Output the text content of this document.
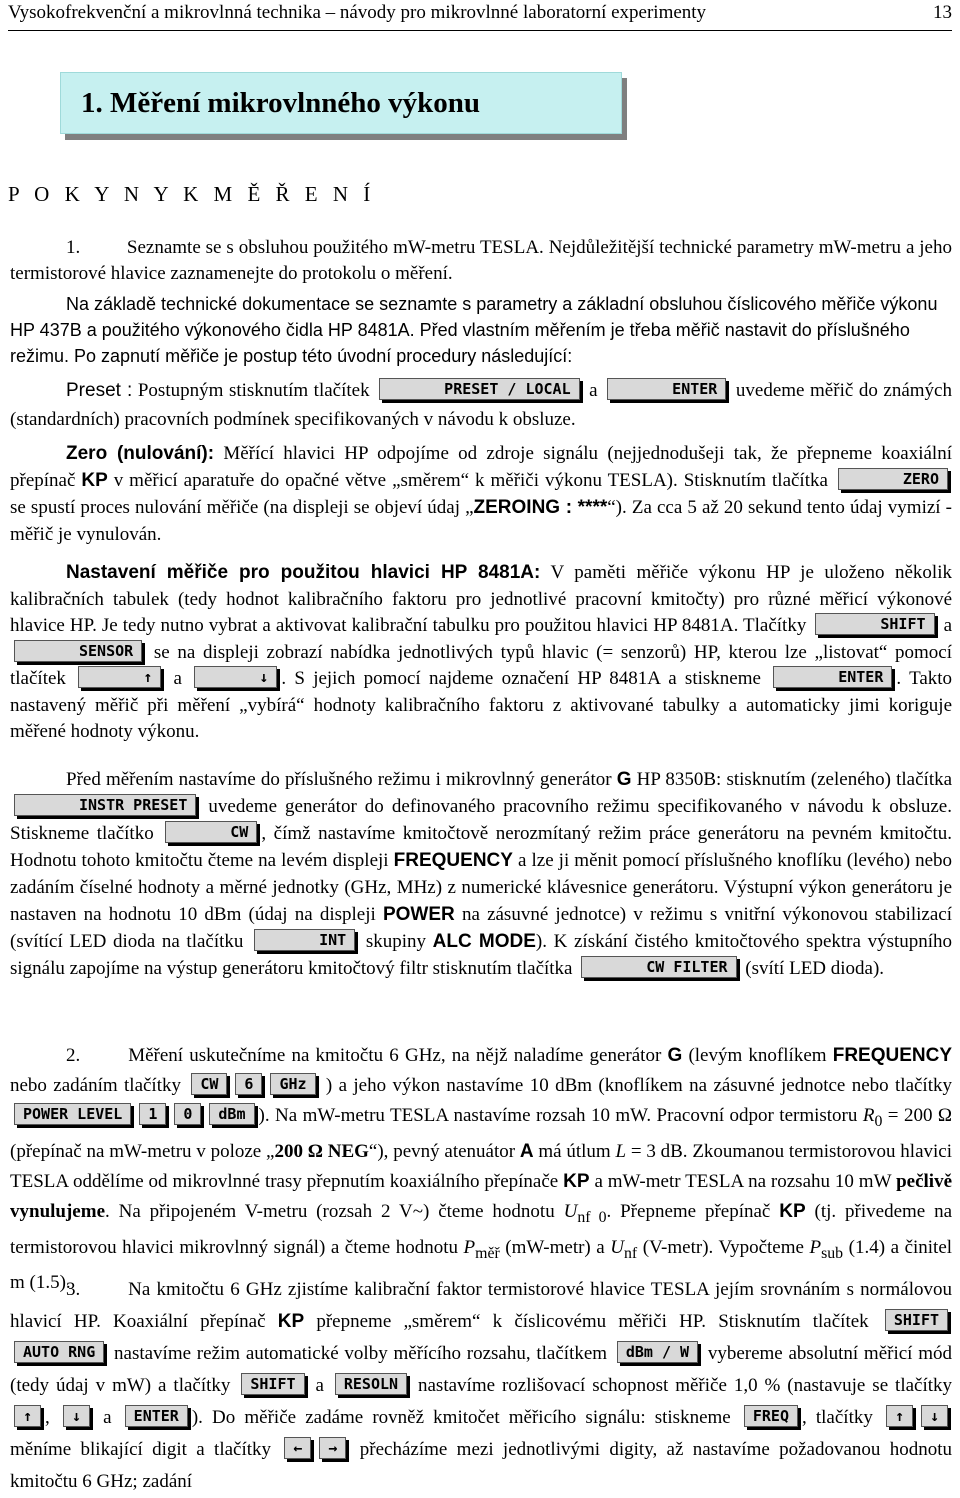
Vysokofrekvenční a mikrovlnná technika – návody pro mikrovlnné laboratorní experimenty	13
1. Měření mikrovlnného výkonu
P O K Y N Y K M Ě Ř E N Í
1. Seznamte se s obsluhou použitého mW-metru TESLA. Nejdůležitější technické parametry mW-metru a jeho termistorové hlavice zaznamenejte do protokolu o měření.
Na základě technické dokumentace se seznamte s parametry a základní obsluhou číslicového měřiče výkonu HP 437B a použitého výkonového čidla HP 8481A. Před vlastním měřením je třeba měřič nastavit do příslušného režimu. Po zapnutí měřiče je postup této úvodní procedury následující:
Preset : Postupným stisknutím tlačítek	PRESET / LOCAL a	ENTER uvedeme měřič do známých (standardních) pracovních podmínek specifikovaných v návodu k obsluze.
Zero (nulování): Měřící hlavici HP odpojíme od zdroje signálu (nejjednodušeji tak, že přepneme koaxiální přepínač KP v měřicí aparatuře do opačné větve „směrem“ k měřiči výkonu TESLA). Stisknutím tlačítka	ZERO se spustí proces nulování měřiče (na displeji se objeví údaj „ZEROING : ****“). Za cca 5 až 20 sekund tento údaj vymizí - měřič je vynulován.
Nastavení měřiče pro použitou hlavici HP 8481A: V paměti měřiče výkonu HP je uloženo několik kalibračních tabulek (tedy hodnot kalibračního faktoru pro jednotlivé pracovní kmitočty) pro různé měřicí výkonové hlavice HP. Je tedy nutno vybrat a aktivovat kalibrační tabulku pro použitou hlavici HP 8481A. Tlačítky	SHIFT a SENSOR se na displeji zobrazí nabídka jednotlivých typů hlavic (= senzorů) HP, kterou lze „listovat“ pomocí tlačítek	↑ a	↓ . S jejich pomocí najdeme označení HP 8481A a stiskneme	ENTER . Takto nastavený měřič při měření „vybírá“ hodnoty kalibračního faktoru z aktivované tabulky a automaticky jimi koriguje měřené hodnoty výkonu.
Před měřením nastavíme do příslušného režimu i mikrovlnný generátor G HP 8350B: stisknutím (zeleného) tlačítka INSTR PRESET uvedeme generátor do definovaného pracovního režimu specifikovaného v návodu k obsluze. Stiskneme tlačítko	CW , čímž nastavíme kmitočtově nerozmítaný režim práce generátoru na pevném kmitočtu. Hodnotu tohoto kmitočtu čteme na levém displeji FREQUENCY a lze ji měnit pomocí příslušného knoflíku (levého) nebo zadáním číselné hodnoty a měrné jednotky (GHz, MHz) z numerické klávesnice generátoru. Výstupní výkon generátoru je nastaven na hodnotu 10 dBm (údaj na displeji POWER na zásuvné jednotce) v režimu s vnitřní výkonovou stabilizací (svítící LED dioda na tlačítku	INT skupiny ALC MODE). K získání čistého kmitočtového spektra výstupního signálu zapojíme na výstup generátoru kmitočtový filtr stisknutím tlačítka	CW FILTER (svítí LED dioda).
2.	Měření uskutečníme na kmitočtu 6 GHz, na nějž naladíme generátor G (levým knoflíkem FREQUENCY nebo zadáním tlačítky CW 6 GHz ) a jeho výkon nastavíme 10 dBm (knoflíkem na zásuvné jednotce nebo tlačítky POWER LEVEL 1 0 dBm ). Na mW-metru TESLA nastavíme rozsah 10 mW. Pracovní odpor termistoru $R_0 = 200$ Ω (přepínač na mW-metru v poloze „200 Ω NEG“), pevný atenuátor A má útlum L = 3 dB. Zkoumanou termistorovou hlavici TESLA oddělíme od mikrovlnné trasy přepnutím koaxiálního přepínače KP a mW-metr TESLA na rozsahu 10 mW pečlivě vynulujeme. Na připojeném V-metru (rozsah 2 V~) čteme hodnotu $U_{nf 0}$. Přepneme přepínač KP (tj. přivedeme na termistorovou hlavici mikrovlnný signál) a čteme hodnotu $P_{měř}$ (mW-metr) a $U_{nf}$ (V-metr). Vypočteme $P_{sub}$ (1.4) a činitel m (1.5).
3.	Na kmitočtu 6 GHz zjistíme kalibrační faktor termistorové hlavice TESLA jejím srovnáním s normálovou hlavicí HP. Koaxiální přepínač KP přepneme „směrem“ k číslicovému měřiči HP. Stisknutím tlačítek SHIFTAUTO RNG nastavíme režim automatické volby měřícího rozsahu, tlačítkem dBm / W vybereme absolutní měřicí mód (tedy údaj v mW) a tlačítky SHIFT a RESOLN nastavíme rozlišovací schopnost měřiče 1,0 % (nastavuje se tlačítky ↑ , ↓ a ENTER ). Do měřiče zadáme rovněž kmitočet měřicího signálu: stiskneme FREQ , tlačítky ↑ ↓ měníme blikající digit a tlačítky ← → přecházíme mezi jednotlivými digity, až nastavíme požadovanou hodnotu kmitočtu 6 GHz; zadání
